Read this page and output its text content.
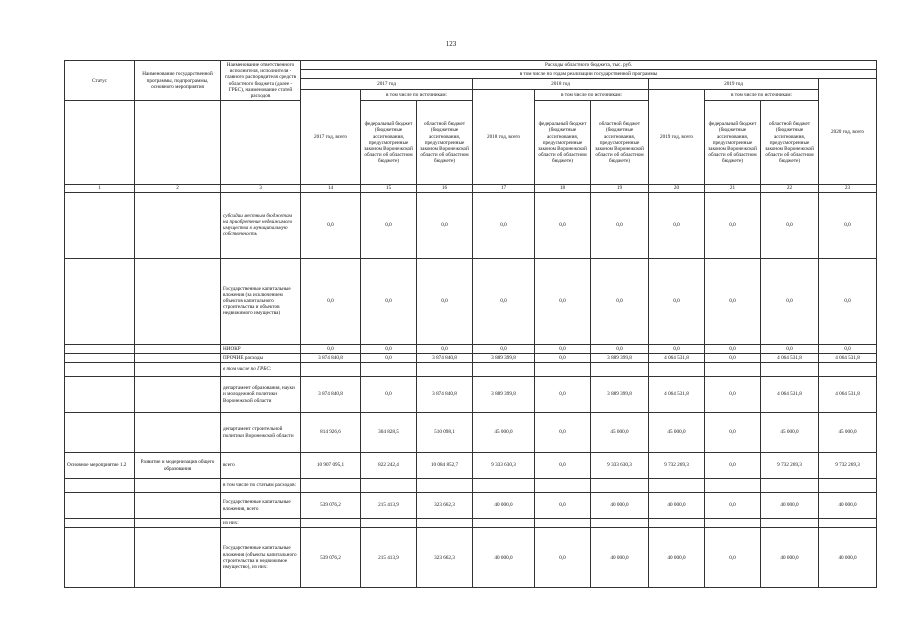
123
Статус	Наименование государственной программы, подпрограммы, основного мероприятия	Наименование ответственного исполнителя, исполнителя - главного распорядителя средств областного бюджета (далее - ГРБС), наименование статей расходов	Расходы областного бюджета, тыс. руб.									
			в том числе по годам реализации государственной программы									
			2017 год			2018 год			2019 год			2020 год, всего
			2017 год, всего	в том числе по источникам:		2018 год, всего	в том числе по источникам:		2019 год, всего	в том числе по источникам:		
				федеральный бюджет (бюджетные ассигнования, предусмотренные законом Воронежской области об областном бюджете)	областной бюджет (бюджетные ассигнования, предусмотренные законом Воронежской области об областном бюджете)		федеральный бюджет (бюджетные ассигнования, предусмотренные законом Воронежской области об областном бюджете)	областной бюджет (бюджетные ассигнования, предусмотренные законом Воронежской области об областном бюджете)		федеральный бюджет (бюджетные ассигнования, предусмотренные законом Воронежской области об областном бюджете)	областной бюджет (бюджетные ассигнования, предусмотренные законом Воронежской области об областном бюджете)	
1	2	3	14	15	16	17	18	19	20	21	22	23
		субсидии местным бюджетам на приобретение недвижимого имущества в муниципальную собственность	0,0	0,0	0,0	0,0	0,0	0,0	0,0	0,0	0,0	0,0
		Государственные капитальные вложения (за исключением объектов капитального строительства и объектов недвижимого имущества)	0,0	0,0	0,0	0,0	0,0	0,0	0,0	0,0	0,0	0,0
		НИОКР	0,0	0,0	0,0	0,0	0,0	0,0	0,0	0,0	0,0	0,0
		ПРОЧИЕ расходы	3 874 840,8	0,0	3 874 840,8	3 889 399,8	0,0	3 889 399,8	4 064 531,8	0,0	4 064 531,8	4 064 531,8
		в том числе по ГРБС:										
		департамент образования, науки и молодежной политики Воронежской области	3 874 840,8	0,0	3 874 840,8	3 889 399,8	0,0	3 889 399,8	4 064 531,8	0,0	4 064 531,8	4 064 531,8
		департамент строительной политики Воронежской области	814 926,6	304 828,5	510 098,1	45 000,0	0,0	45 000,0	45 000,0	0,0	45 000,0	45 000,0
Основное мероприятие 1.2	Развитие и модернизация общего образования	всего	10 907 095,1	822 242,4	10 084 852,7	9 333 630,3	0,0	9 333 630,3	9 732 269,3	0,0	9 732 269,3	9 732 269,3
		в том числе по статьям расходов:										
		Государственные капитальные вложения, всего	539 076,2	215 413,9	323 662,3	40 000,0	0,0	40 000,0	40 000,0	0,0	40 000,0	40 000,0
		из них:										
		Государственные капитальные вложения (объекты капитального строительства и недвижимое имущество), из них:	539 076,2	215 413,9	323 662,3	40 000,0	0,0	40 000,0	40 000,0	0,0	40 000,0	40 000,0
